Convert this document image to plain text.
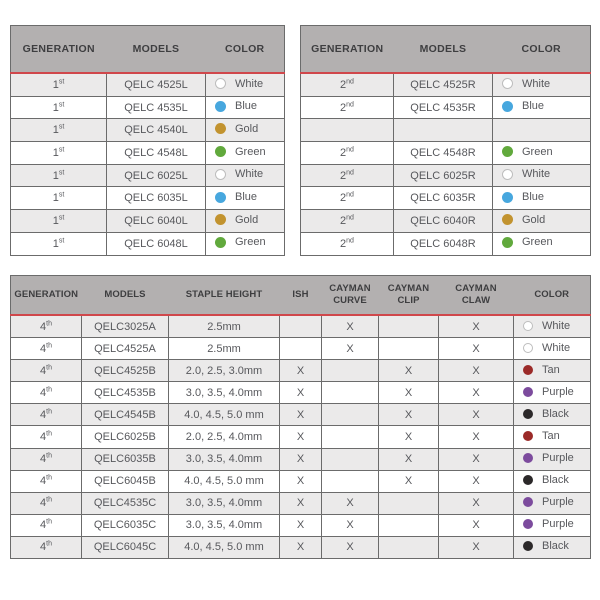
GENERATION	MODELS	COLOR
1st	QELC 4525L	White

1st	QELC 4535L	Blue

1st	QELC 4540L	Gold

1st	QELC 4548L	Green

1st	QELC 6025L	White

1st	QELC 6035L	Blue

1st	QELC 6040L	Gold

1st	QELC 6048L	Green
GENERATION	MODELS	COLOR
2nd	QELC 4525R	White

2nd	QELC 4535R	Blue

2nd	QELC 4548R	Green

2nd	QELC 6025R	White

2nd	QELC 6035R	Blue

2nd	QELC 6040R	Gold

2nd	QELC 6048R	Green
GENERATION	MODELS	STAPLE HEIGHT	ISH	CAYMAN CURVE	CAYMAN CLIP	CAYMAN CLAW	COLOR
4th	QELC3025A	2.5mm		X		X	White

4th	QELC4525A	2.5mm		X		X	White

4th	QELC4525B	2.0, 2.5, 3.0mm	X		X	X	Tan

4th	QELC4535B	3.0, 3.5, 4.0mm	X		X	X	Purple

4th	QELC4545B	4.0, 4.5, 5.0 mm	X		X	X	Black

4th	QELC6025B	2.0, 2.5, 4.0mm	X		X	X	Tan

4th	QELC6035B	3.0, 3.5, 4.0mm	X		X	X	Purple

4th	QELC6045B	4.0, 4.5, 5.0 mm	X		X	X	Black

4th	QELC4535C	3.0, 3.5, 4.0mm	X	X		X	Purple

4th	QELC6035C	3.0, 3.5, 4.0mm	X	X		X	Purple

4th	QELC6045C	4.0, 4.5, 5.0 mm	X	X		X	Black
